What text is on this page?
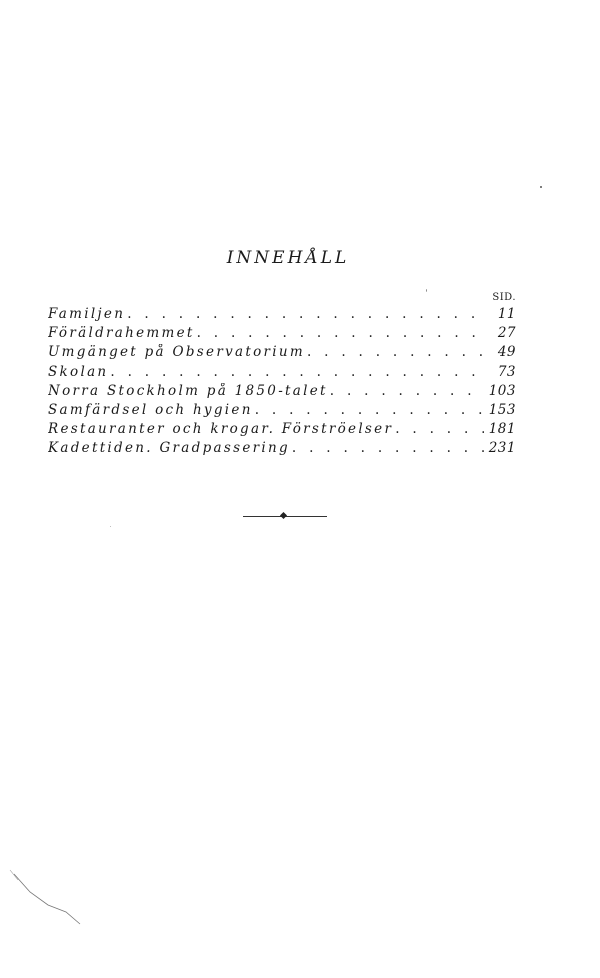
INNEHÅLL
SID.
Familjen . . .	11
Föräldrahemmet . . .	27
Umgänget på Observatorium . . .	49
Skolan . . .	73
Norra Stockholm på 1850-talet . . .	103
Samfärdsel och hygien . . .	153
Restauranter och krogar. Förströelser . . .	181
Kadettiden. Gradpassering . . .	231
